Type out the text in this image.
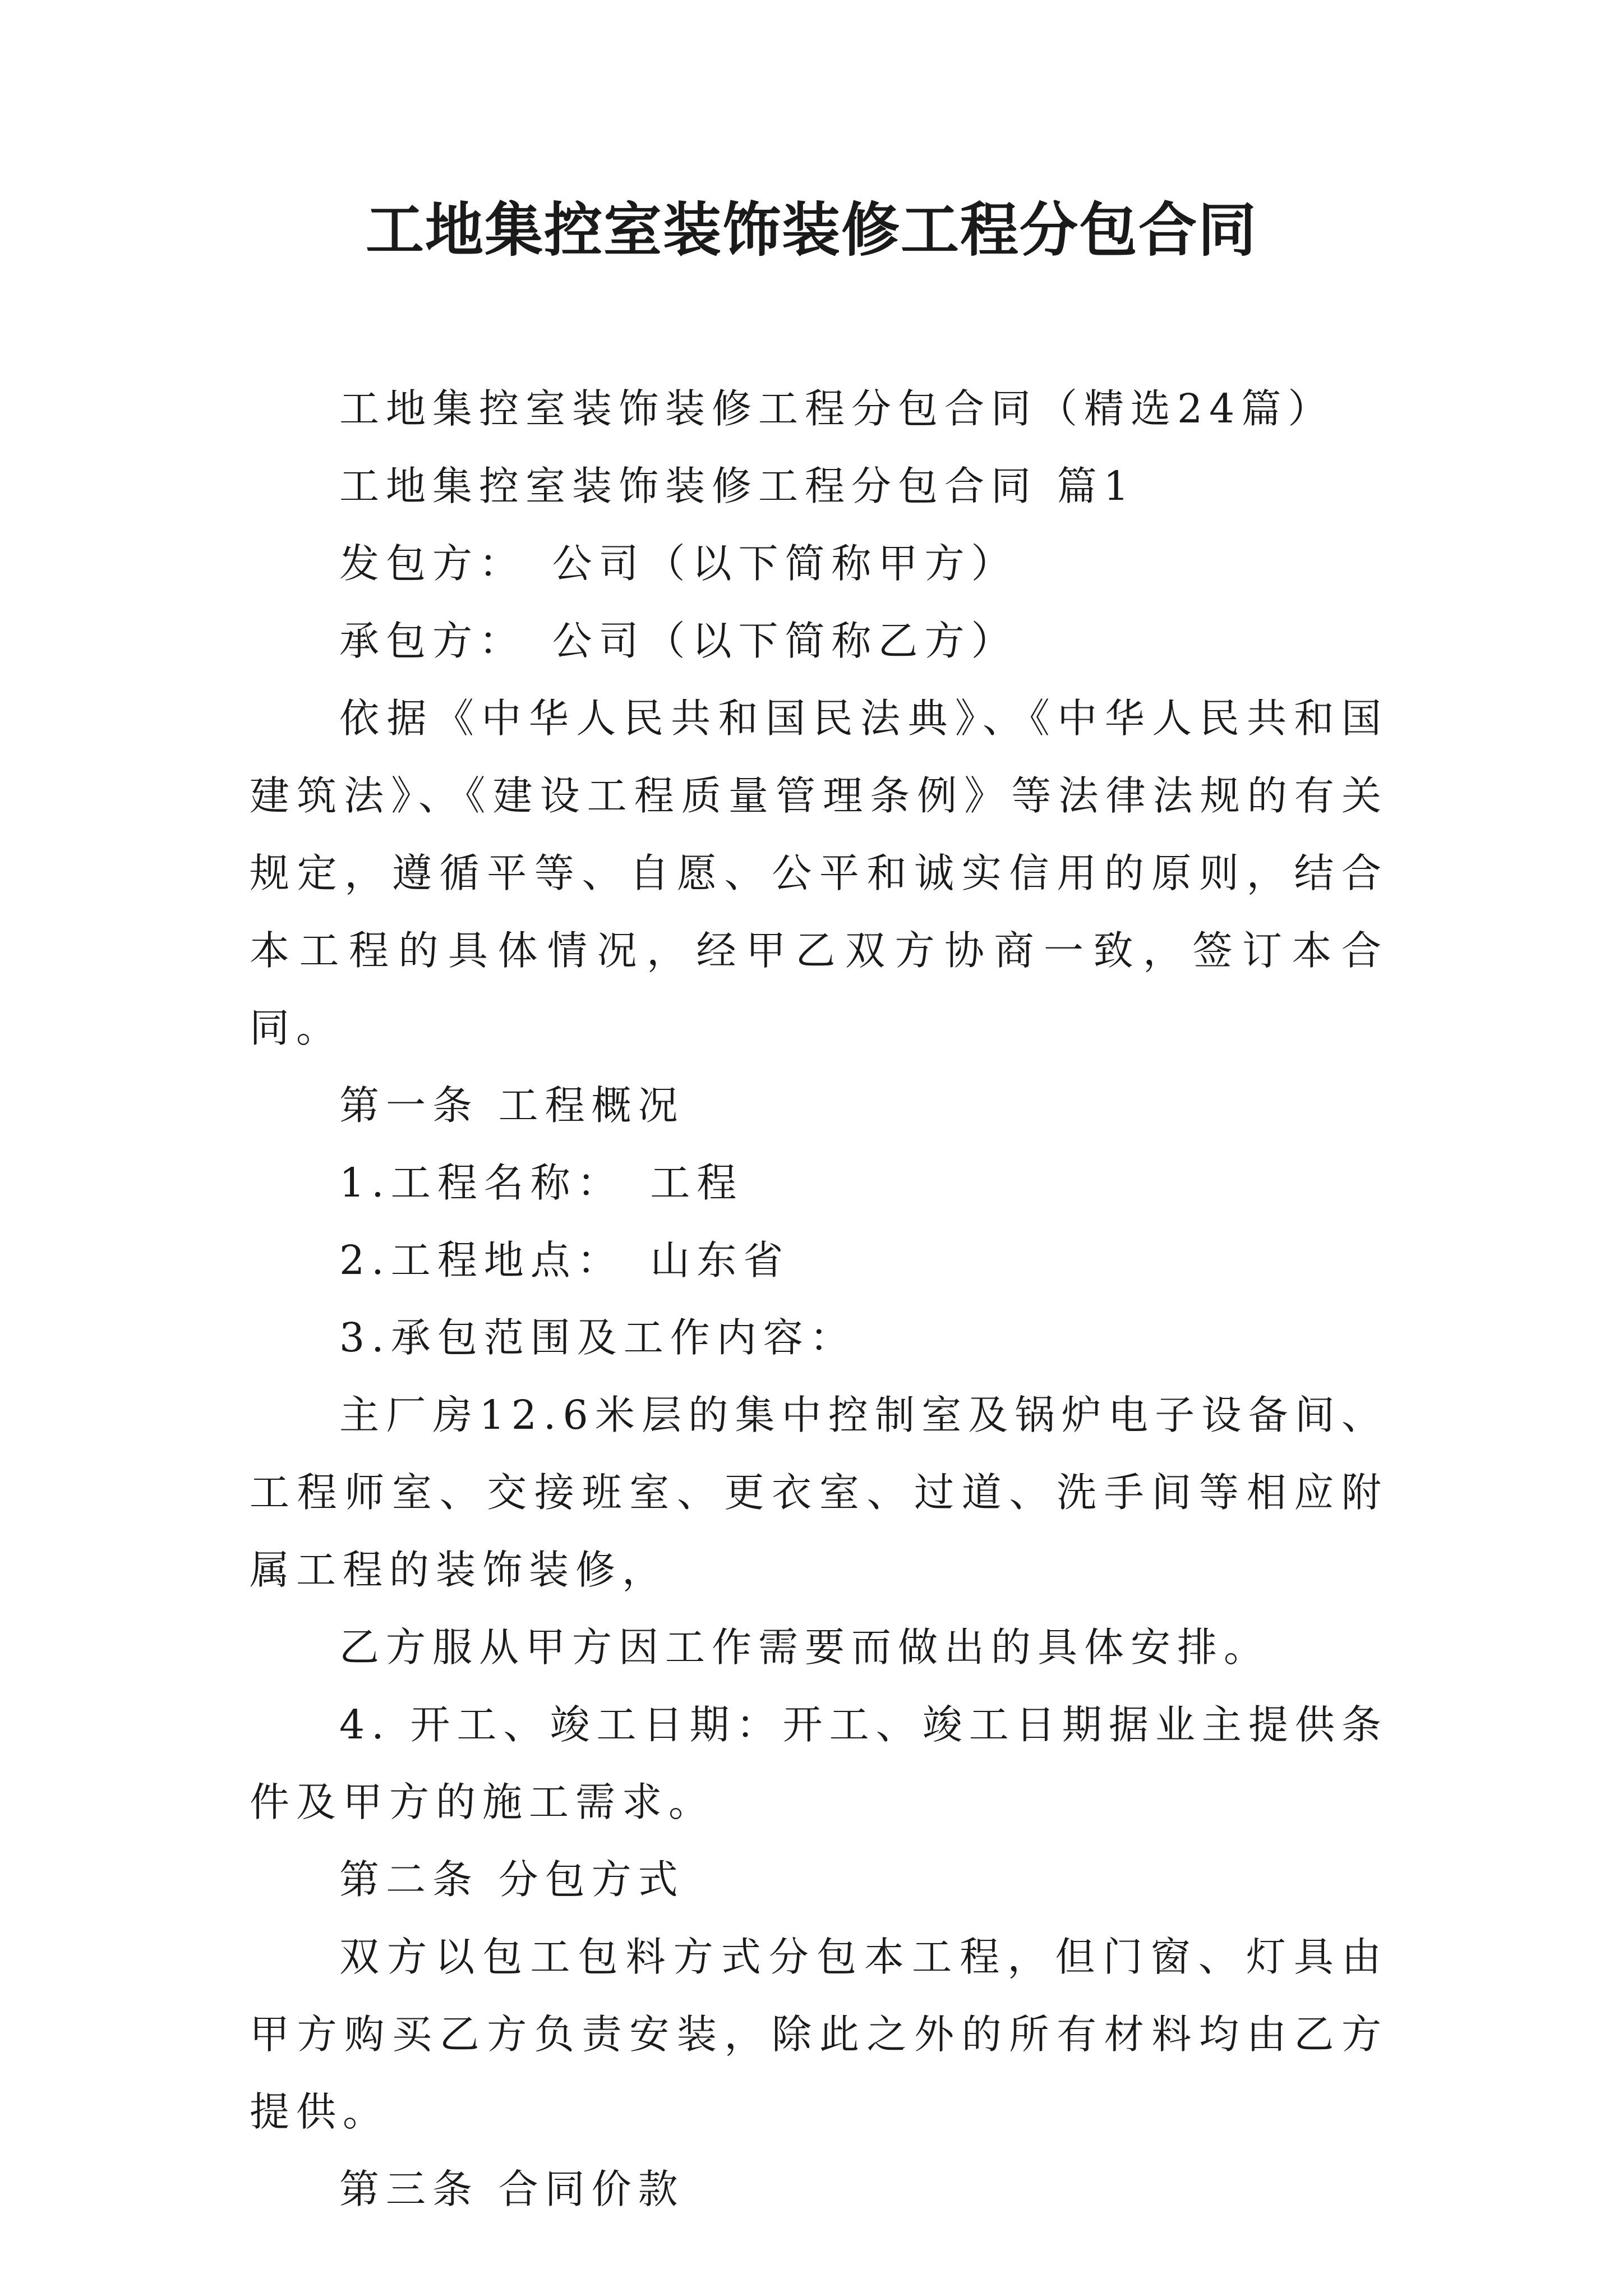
工地集控室装饰装修工程分包合同

工地集控室装饰装修工程分包合同（精选24篇）

工地集控室装饰装修工程分包合同 篇1

发包方：　公司（以下简称甲方）

承包方：　公司（以下简称乙方）

依据《中华人民共和国民法典》、《中华人民共和国建筑法》、《建设工程质量管理条例》等法律法规的有关规定，遵循平等、自愿、公平和诚实信用的原则，结合本工程的具体情况，经甲乙双方协商一致，签订本合同。

第一条 工程概况

1.工程名称：　工程

2.工程地点：　山东省

3.承包范围及工作内容：

主厂房12.6米层的集中控制室及锅炉电子设备间、工程师室、交接班室、更衣室、过道、洗手间等相应附属工程的装饰装修，

乙方服从甲方因工作需要而做出的具体安排。

4. 开工、竣工日期：开工、竣工日期据业主提供条件及甲方的施工需求。

第二条 分包方式

双方以包工包料方式分包本工程，但门窗、灯具由甲方购买乙方负责安装，除此之外的所有材料均由乙方提供。

第三条 合同价款
